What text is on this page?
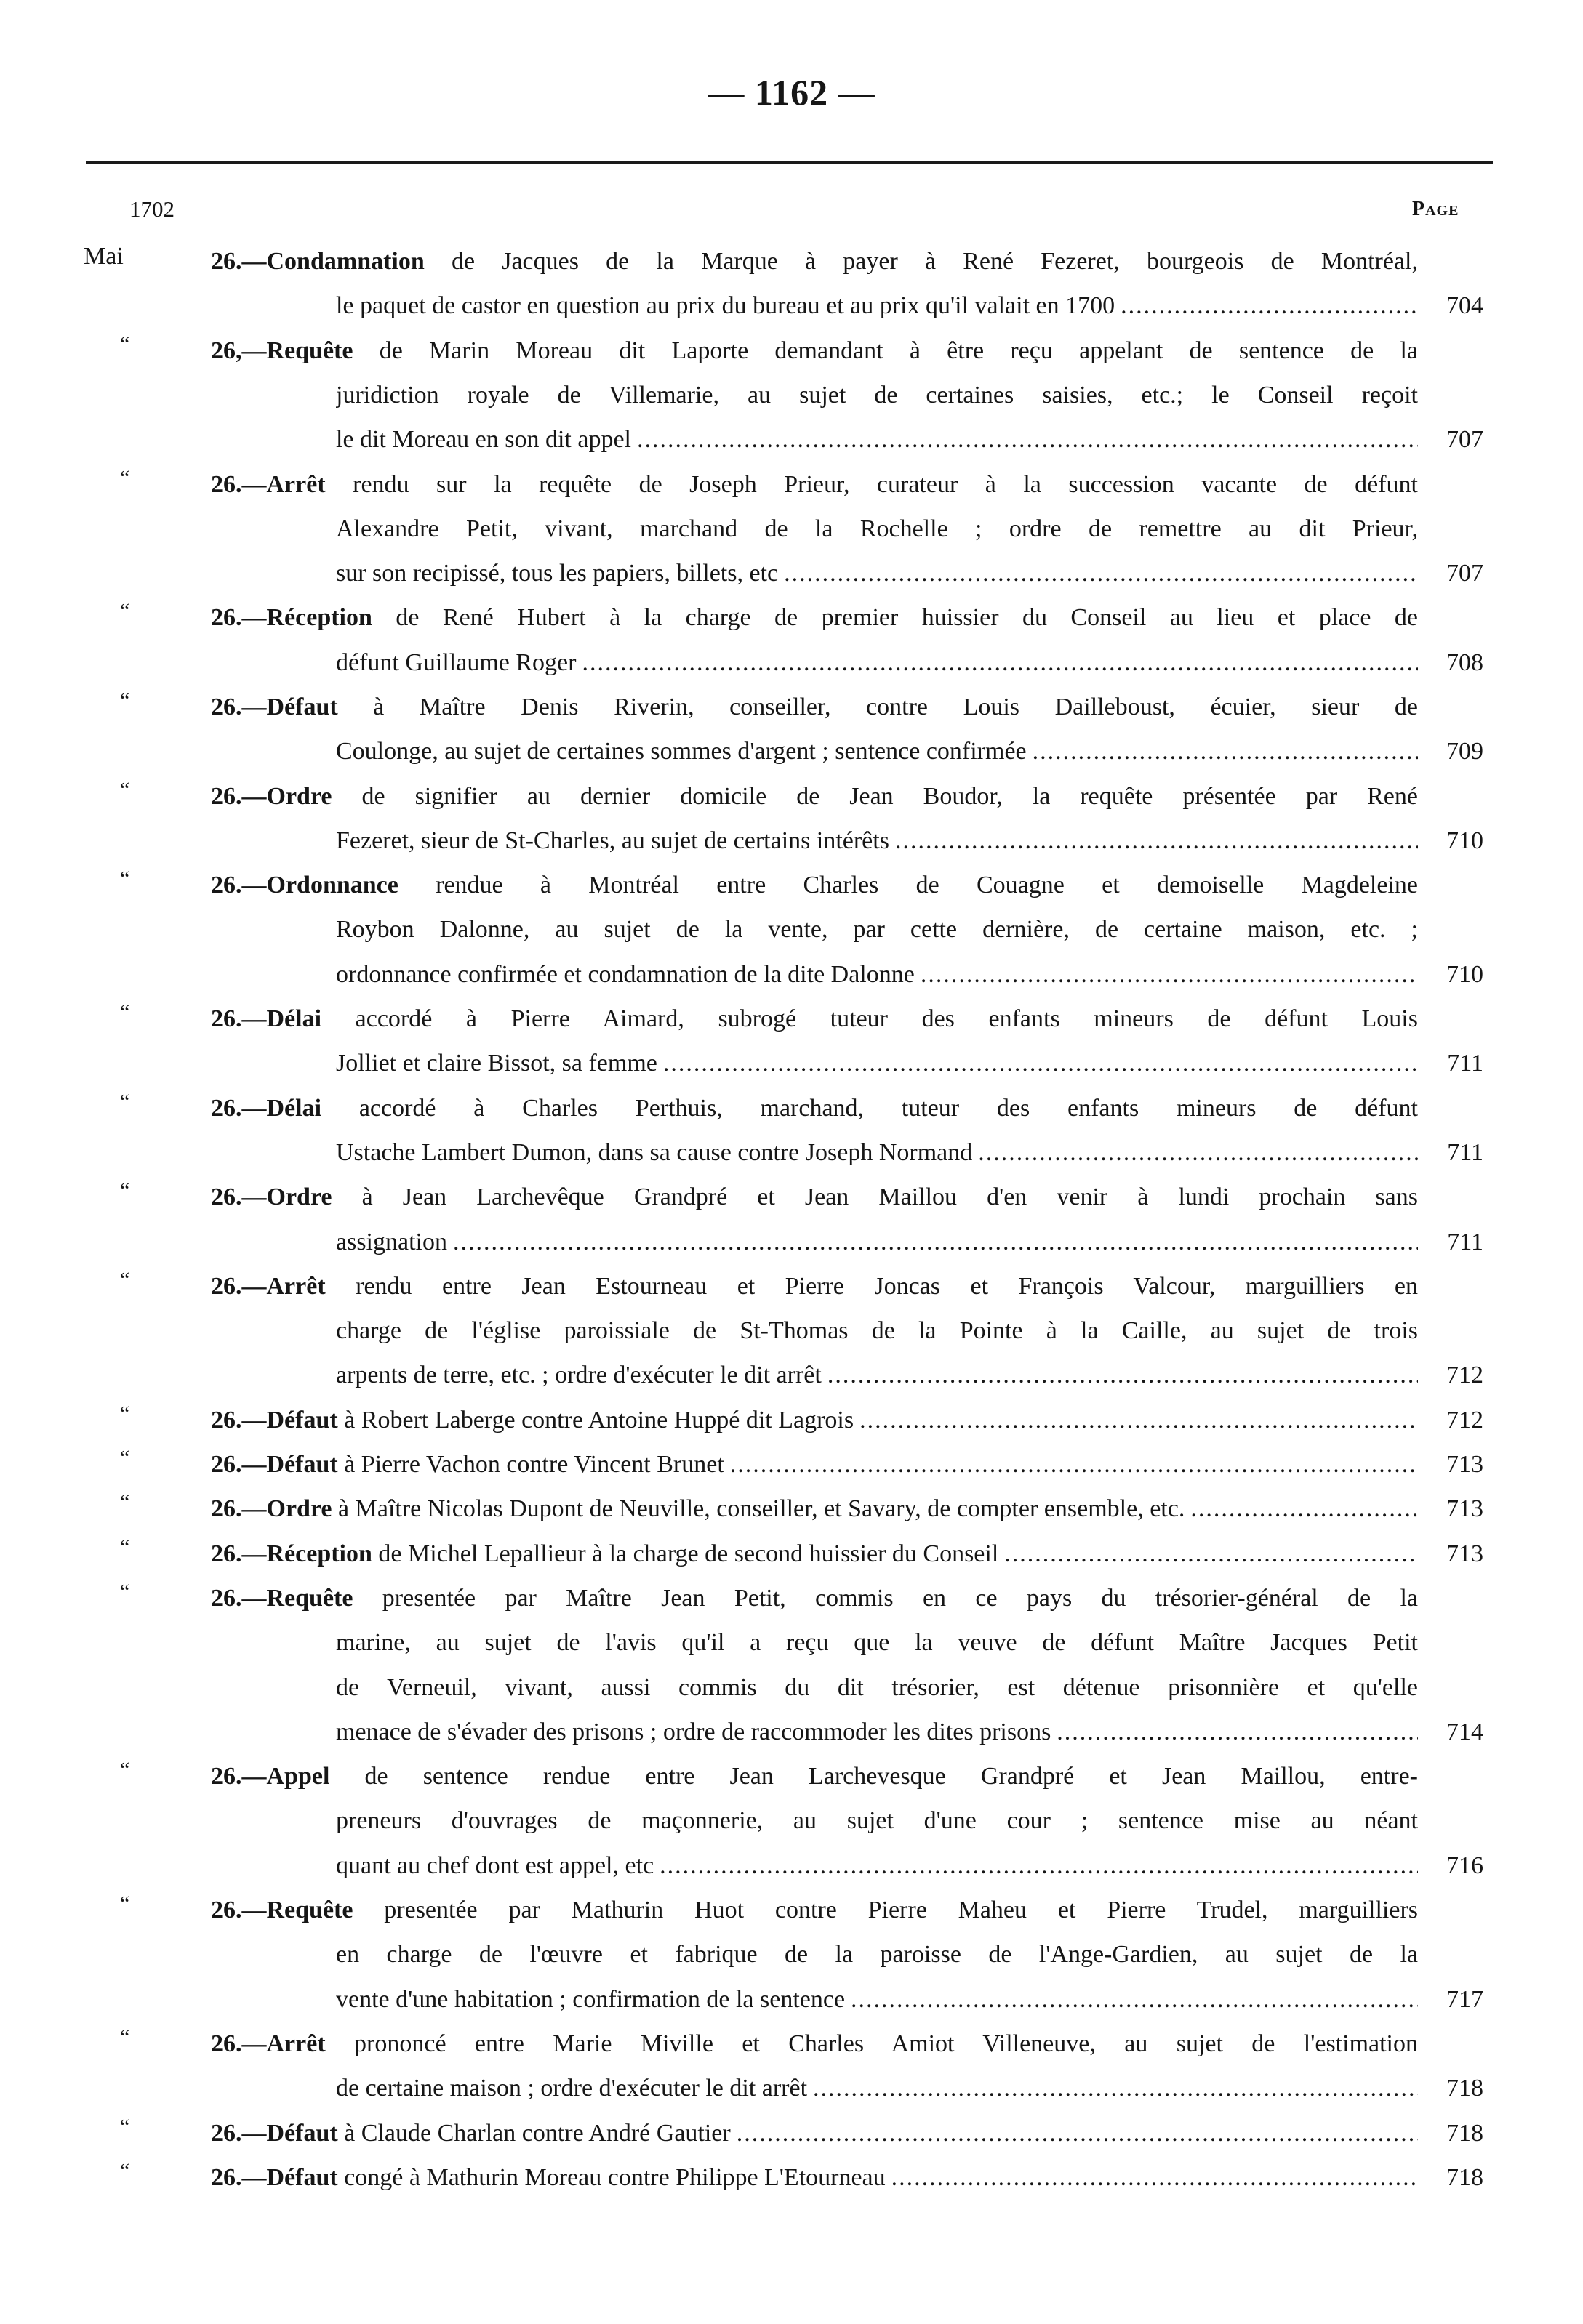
— 1162 —
1702	Page
Mai	26.—Condamnation de Jacques de la Marque à payer à René Fezeret, bourgeois de Montréal,
le paquet de castor en question au prix du bureau et au prix qu'il valait en 1700 .....	704
“	26,—Requête de Marin Moreau dit Laporte demandant à être reçu appelant de sentence de la
juridiction royale de Villemarie, au sujet de certaines saisies, etc.; le Conseil reçoit
le dit Moreau en son dit appel .....	707
“	26.—Arrêt rendu sur la requête de Joseph Prieur, curateur à la succession vacante de défunt
Alexandre Petit, vivant, marchand de la Rochelle ; ordre de remettre au dit Prieur,
sur son recipissé, tous les papiers, billets, etc .....	707
“	26.—Réception de René Hubert à la charge de premier huissier du Conseil au lieu et place de
défunt Guillaume Roger .....	708
“	26.—Défaut à Maître Denis Riverin, conseiller, contre Louis Dailleboust, écuier, sieur de
Coulonge, au sujet de certaines sommes d'argent ; sentence confirmée .....	709
“	26.—Ordre de signifier au dernier domicile de Jean Boudor, la requête présentée par René
Fezeret, sieur de St-Charles, au sujet de certains intérêts .....	710
“	26.—Ordonnance rendue à Montréal entre Charles de Couagne et demoiselle Magdeleine
Roybon Dalonne, au sujet de la vente, par cette dernière, de certaine maison, etc. ;
ordonnance confirmée et condamnation de la dite Dalonne .....	710
“	26.—Délai accordé à Pierre Aimard, subrogé tuteur des enfants mineurs de défunt Louis
Jolliet et claire Bissot, sa femme .....	711
“	26.—Délai accordé à Charles Perthuis, marchand, tuteur des enfants mineurs de défunt
Ustache Lambert Dumon, dans sa cause contre Joseph Normand .....	711
“	26.—Ordre à Jean Larchevêque Grandpré et Jean Maillou d'en venir à lundi prochain sans
assignation .....	711
“	26.—Arrêt rendu entre Jean Estourneau et Pierre Joncas et François Valcour, marguilliers en
charge de l'église paroissiale de St-Thomas de la Pointe à la Caille, au sujet de trois
arpents de terre, etc. ; ordre d'exécuter le dit arrêt .....	712
“	26.—Défaut à Robert Laberge contre Antoine Huppé dit Lagrois .....	712
“	26.—Défaut à Pierre Vachon contre Vincent Brunet .....	713
“	26.—Ordre à Maître Nicolas Dupont de Neuville, conseiller, et Savary, de compter ensemble, etc. .....	713
“	26.—Réception de Michel Lepallieur à la charge de second huissier du Conseil .....	713
“	26.—Requête presentée par Maître Jean Petit, commis en ce pays du trésorier-général de la
marine, au sujet de l'avis qu'il a reçu que la veuve de défunt Maître Jacques Petit
de Verneuil, vivant, aussi commis du dit trésorier, est détenue prisonnière et qu'elle
menace de s'évader des prisons ; ordre de raccommoder les dites prisons .....	714
“	26.—Appel de sentence rendue entre Jean Larchevesque Grandpré et Jean Maillou, entre-
preneurs d'ouvrages de maçonnerie, au sujet d'une cour ; sentence mise au néant
quant au chef dont est appel, etc .....	716
“	26.—Requête presentée par Mathurin Huot contre Pierre Maheu et Pierre Trudel, marguilliers
en charge de l'œuvre et fabrique de la paroisse de l'Ange-Gardien, au sujet de la
vente d'une habitation ; confirmation de la sentence .....	717
“	26.—Arrêt prononcé entre Marie Miville et Charles Amiot Villeneuve, au sujet de l'estimation
de certaine maison ; ordre d'exécuter le dit arrêt .....	718
“	26.—Défaut à Claude Charlan contre André Gautier .....	718
“	26.—Défaut congé à Mathurin Moreau contre Philippe L'Etourneau .....	718
